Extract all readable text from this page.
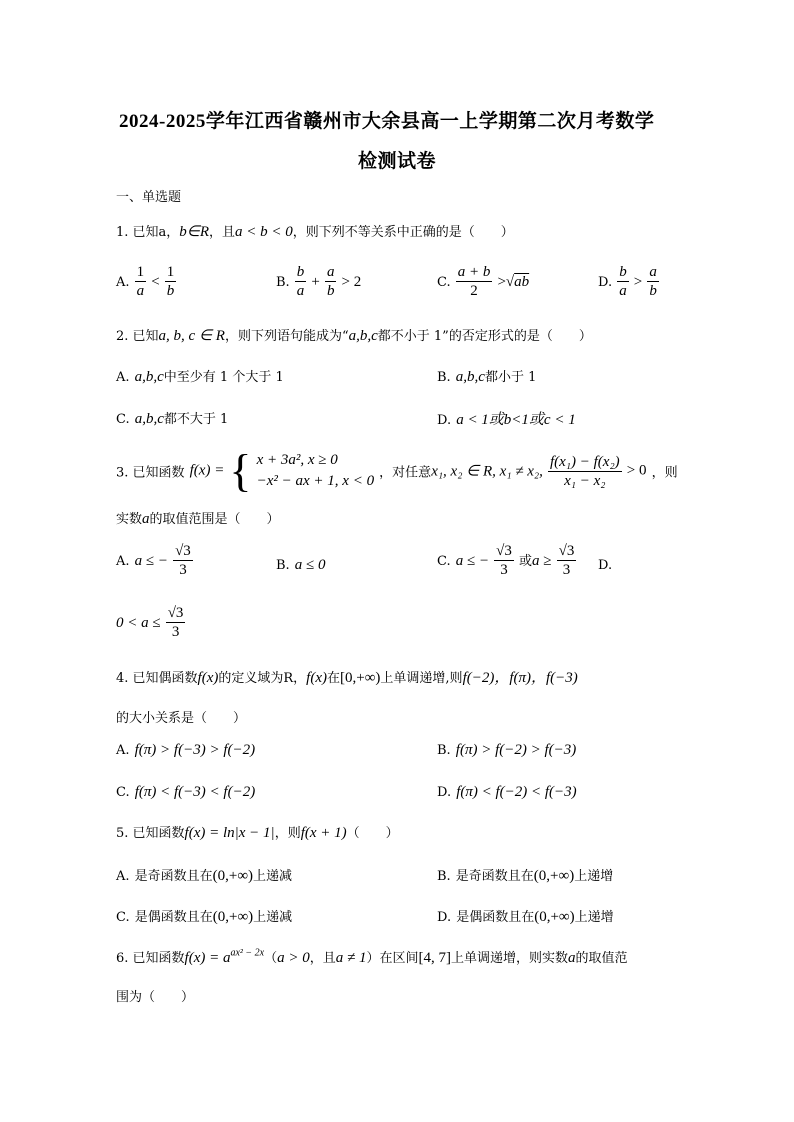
2024-2025学年江西省赣州市大余县高一上学期第二次月考数学
检测试卷
一、单选题
1. 已知a，b∈R，且a < b < 0，则下列不等关系中正确的是（　　）
A. $\frac{1}{a} < \frac{1}{b}$	B. $\frac{b}{a} + \frac{a}{b} > 2$	C. $\frac{a + b}{2} >√ab$	D. $\frac{b}{a} > \frac{a}{b}$
2. 已知a, b, c ∈ R，则下列语句能成为“a,b,c都不小于 1”的否定形式的是（　　）
A. a,b,c中至少有 1 个大于 1	B. a,b,c都小于 1
C. a,b,c都不大于 1	D. a < 1或b<1或c < 1
3. 已知函数 f(x) = { x + 3a², x ≥ 0
−x² − ax + 1, x < 0 ，对任意x₁, x₂ ∈ R, x₁ ≠ x₂, $\frac{\text{f(x₁) − f(x₂)}}{\text{x₁ − x₂}} > 0$ ，则
实数a的取值范围是（　　）
A. a ≤ − $\frac{√3}{3}$	B. a ≤ 0	C. a ≤ − $\frac{√3}{3}$ 或$a \ge \frac{√3}{3} D$.
$0 < a \le \frac{√3}{3}$
4. 已知偶函数f(x)的定义域为R，f(x)在[0,+∞)上单调递增,则f(−2)，f(π)，f(−3)
的大小关系是（　　）
A. f(π) > f(−3) > f(−2)	B. f(π) > f(−2) > f(−3)
C. f(π) < f(−3) < f(−2)	D. f(π) < f(−2) < f(−3)
5. 已知函数f(x) = ln|x − 1|，则f(x + 1)（　　）
A. 是奇函数且在(0,+∞)上递减	B. 是奇函数且在(0,+∞)上递增
C. 是偶函数且在(0,+∞)上递减	D. 是偶函数且在(0,+∞)上递增
6. 已知函数$f(x) = a^{ax^2 - 2x}(a > 0$，且a ≠ 1）在区间[4, 7]上单调递增，则实数a的取值范
围为（　　）
